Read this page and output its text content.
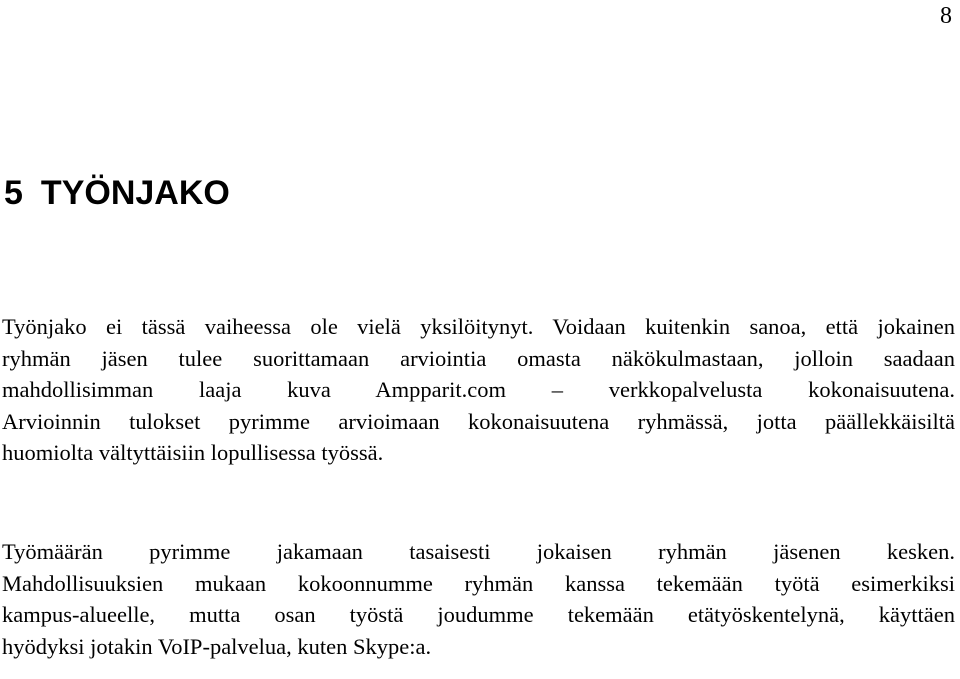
8
5 TYÖNJAKO

Työnjako ei tässä vaiheessa ole vielä yksilöitynyt. Voidaan kuitenkin sanoa, että jokainen
ryhmän jäsen tulee suorittamaan arviointia omasta näkökulmastaan, jolloin saadaan
mahdollisimman laaja kuva Ampparit.com – verkkopalvelusta kokonaisuutena.
Arvioinnin tulokset pyrimme arvioimaan kokonaisuutena ryhmässä, jotta päällekkäisiltä
huomiolta vältyttäisiin lopullisessa työssä.

Työmäärän pyrimme jakamaan tasaisesti jokaisen ryhmän jäsenen kesken.
Mahdollisuuksien mukaan kokoonnumme ryhmän kanssa tekemään työtä esimerkiksi
kampus-alueelle, mutta osan työstä joudumme tekemään etätyöskentelynä, käyttäen
hyödyksi jotakin VoIP-palvelua, kuten Skype:a.
